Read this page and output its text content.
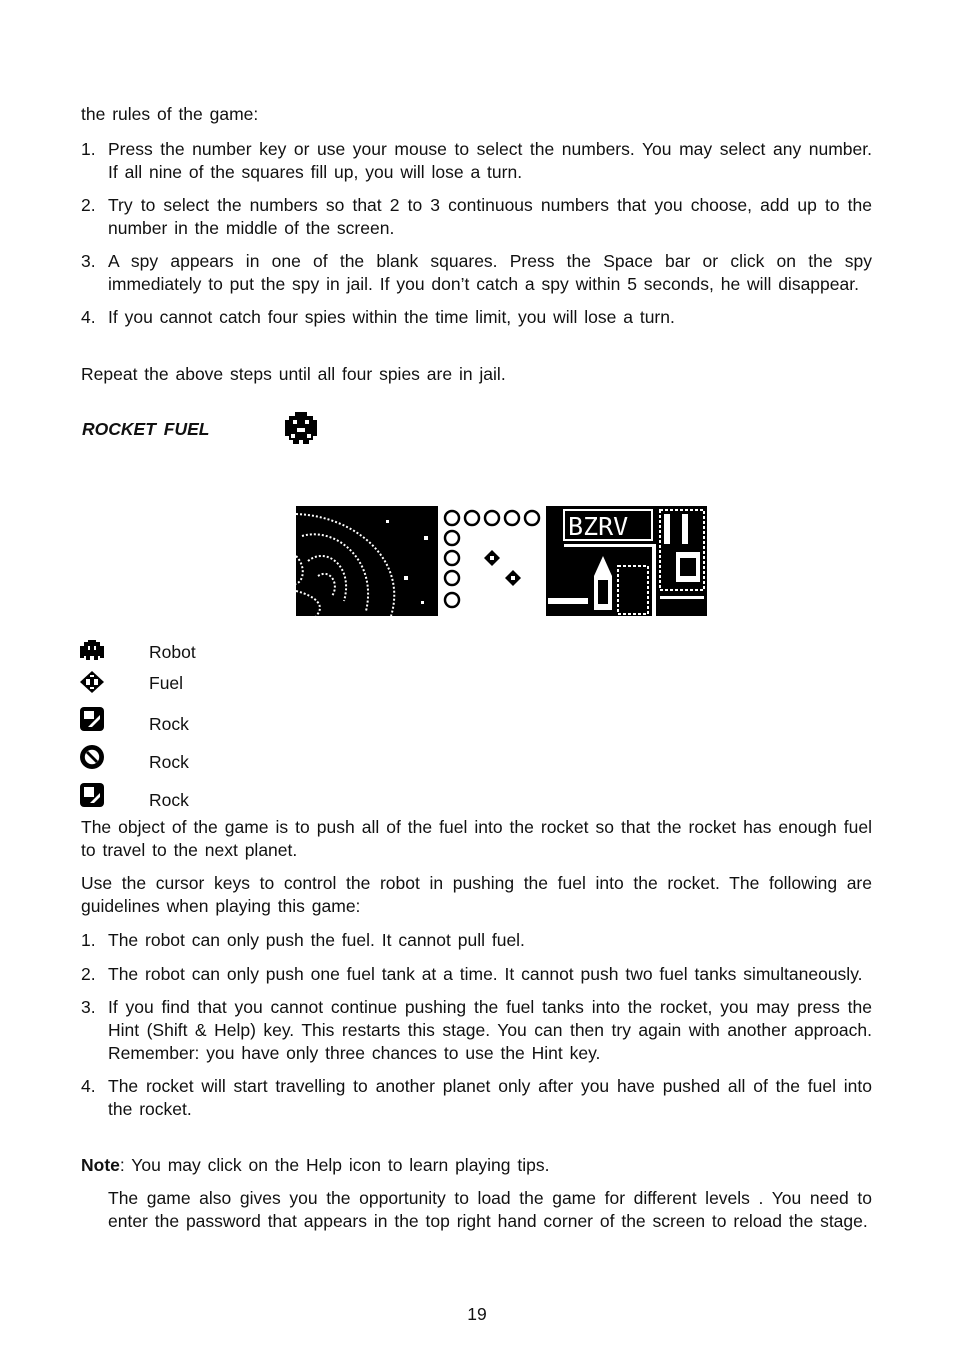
the rules of the game:
1. Press the number key or use your mouse to select the numbers. You may select any number. If all nine of the squares fill up, you will lose a turn.
2. Try to select the numbers so that 2 to 3 continuous numbers that you choose, add up to the number in the middle of the screen.
3. A spy appears in one of the blank squares. Press the Space bar or click on the spy immediately to put the spy in jail. If you don’t catch a spy within 5 seconds, he will disappear.
4. If you cannot catch four spies within the time limit, you will lose a turn.
Repeat the above steps until all four spies are in jail.
ROCKET FUEL
BZRV
Robot
Fuel
Rock
Rock
Rock
The object of the game is to push all of the fuel into the rocket so that the rocket has enough fuel to travel to the next planet.
Use the cursor keys to control the robot in pushing the fuel into the rocket. The following are guidelines when playing this game:
1. The robot can only push the fuel. It cannot pull fuel.
2. The robot can only push one fuel tank at a time. It cannot push two fuel tanks simultaneously.
3. If you find that you cannot continue pushing the fuel tanks into the rocket, you may press the Hint (Shift & Help) key. This restarts this stage. You can then try again with another approach. Remember: you have only three chances to use the Hint key.
4. The rocket will start travelling to another planet only after you have pushed all of the fuel into the rocket.
Note: You may click on the Help icon to learn playing tips.
The game also gives you the opportunity to load the game for different levels . You need to enter the password that appears in the top right hand corner of the screen to reload the stage.
19
